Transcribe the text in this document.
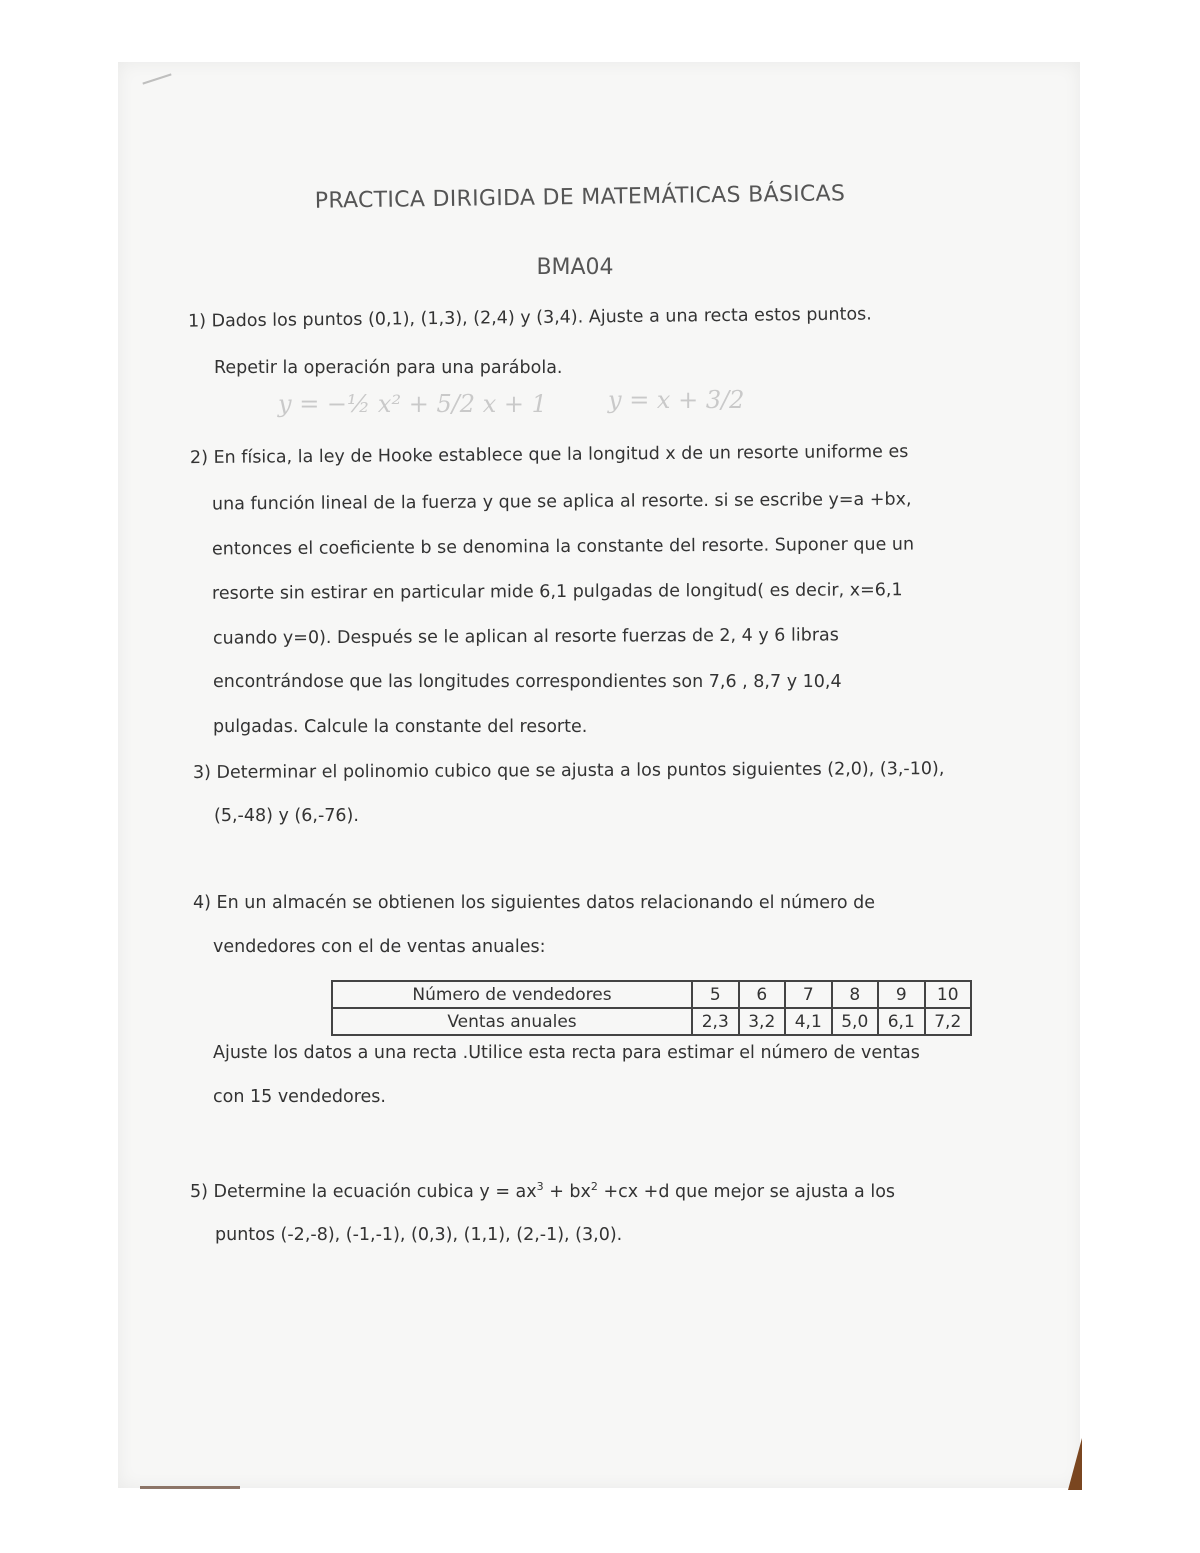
PRACTICA DIRIGIDA DE MATEMÁTICAS BÁSICAS
BMA04
1) Dados los puntos (0,1), (1,3), (2,4) y (3,4). Ajuste a una recta estos puntos.
Repetir la operación para una parábola.
y = −½ x² + 5/2 x + 1	y = x + 3/2
2) En física, la ley de Hooke establece que la longitud x de un resorte uniforme es
una función lineal de la fuerza y que se aplica al resorte. si se escribe y=a +bx,
entonces el coeficiente b se denomina la constante del resorte. Suponer que un
resorte sin estirar en particular mide 6,1 pulgadas de longitud( es decir, x=6,1
cuando y=0). Después se le aplican al resorte fuerzas de 2, 4 y 6 libras
encontrándose que las longitudes correspondientes son 7,6 , 8,7 y 10,4
pulgadas. Calcule la constante del resorte.
3) Determinar el polinomio cubico que se ajusta a los puntos siguientes (2,0), (3,-10),
(5,-48) y (6,-76).
4) En un almacén se obtienen los siguientes datos relacionando el número de
vendedores con el de ventas anuales:
Número de vendedores	5	6	7	8	9	10
Ventas anuales	2,3	3,2	4,1	5,0	6,1	7,2
Ajuste los datos a una recta .Utilice esta recta para estimar el número de ventas
con 15 vendedores.
5) Determine la ecuación cubica $y = ax^3 + bx^2 +cx +d$ que mejor se ajusta a los
puntos (-2,-8), (-1,-1), (0,3), (1,1), (2,-1), (3,0).
